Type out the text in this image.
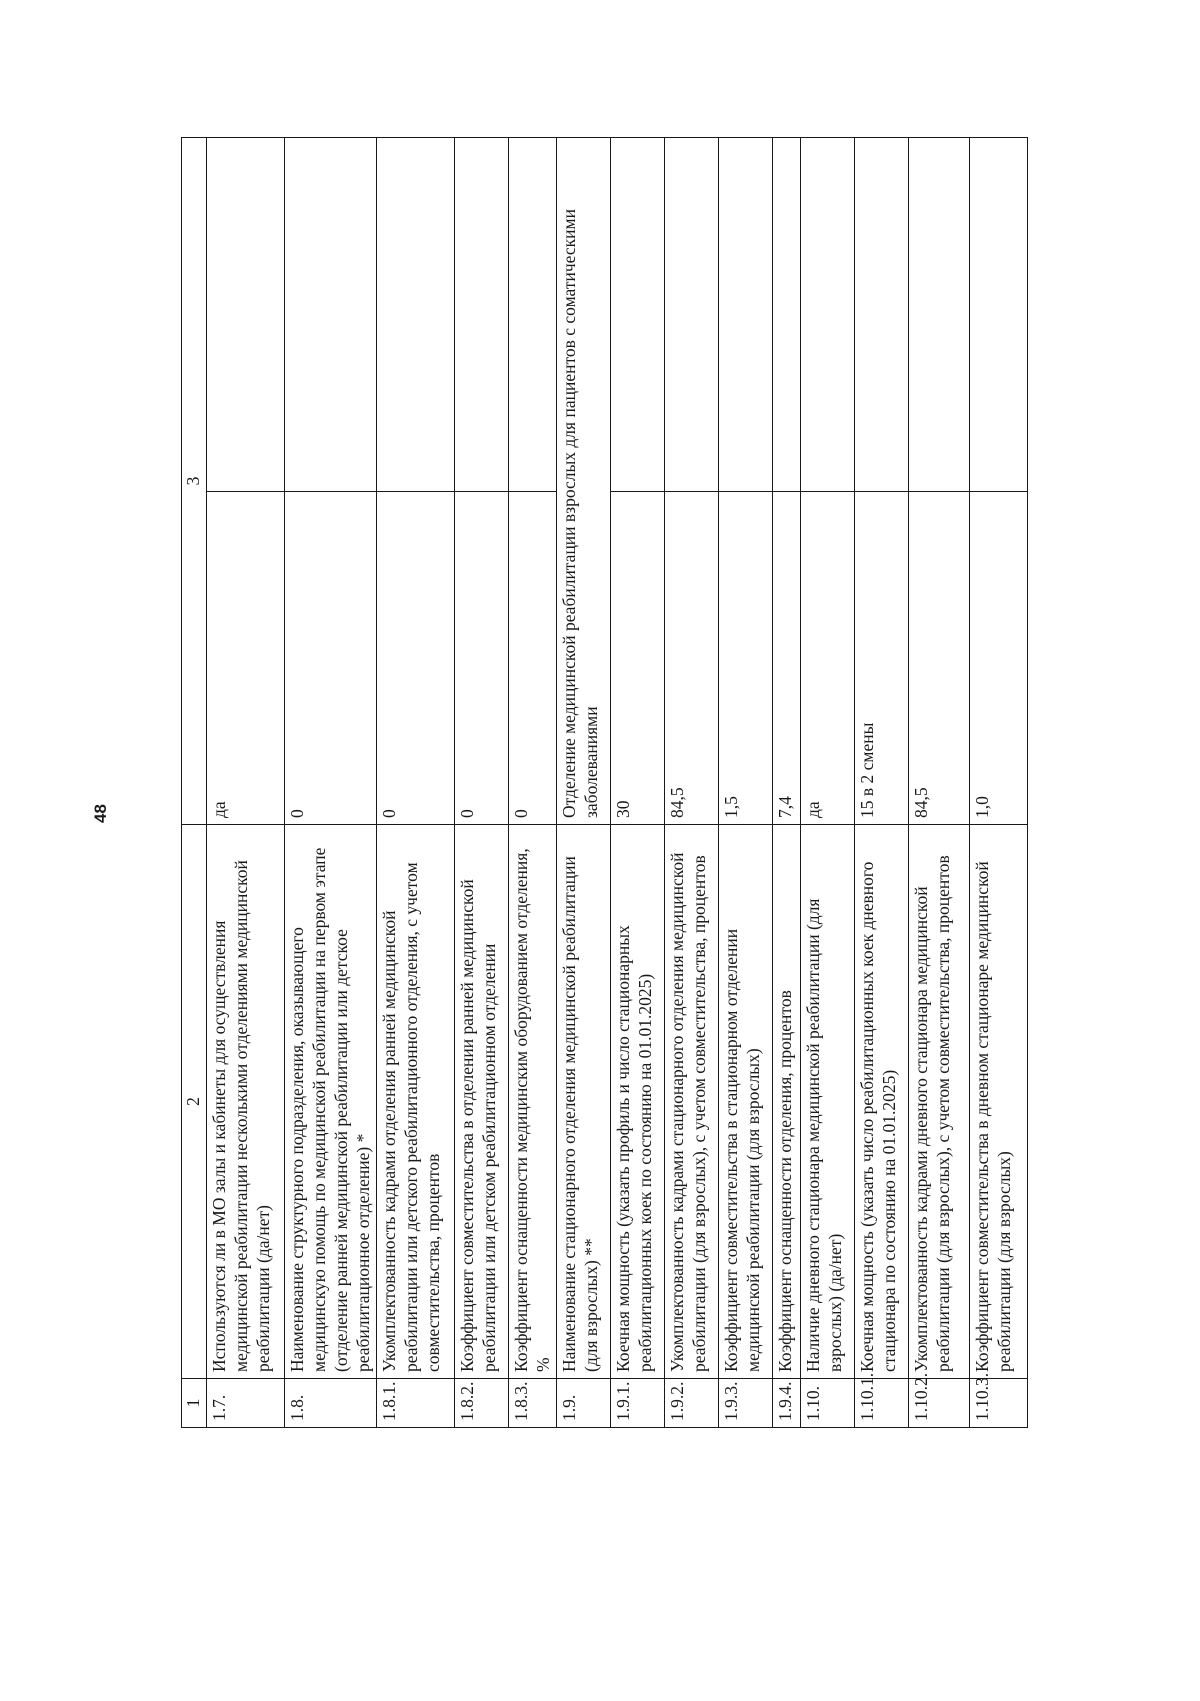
48
1	2	3	
1.7.	Используются ли в МО залы и кабинеты для осуществления медицинской реабилитации несколькими отделениями медицинской реабилитации (да/нет)	да	
1.8.	Наименование структурного подразделения, оказывающего медицинскую помощь по медицинской реабилитации на первом этапе (отделение ранней медицинской реабилитации или детское реабилитационное отделение) *	0	
1.8.1.	Укомплектованность кадрами отделения ранней медицинской реабилитации или детского реабилитационного отделения, с учетом совместительства, процентов	0	
1.8.2.	Коэффициент совместительства в отделении ранней медицинской реабилитации или детском реабилитационном отделении	0	
1.8.3.	Коэффициент оснащенности медицинским оборудованием отделения, %	0	
1.9.	Наименование стационарного отделения медицинской реабилитации (для взрослых) **	Отделение медицинской реабилитации взрослых для пациентов с соматическими заболеваниями	
1.9.1.	Коечная мощность (указать профиль и число стационарных реабилитационных коек по состоянию на 01.01.2025)	30	
1.9.2.	Укомплектованность кадрами стационарного отделения медицинской реабилитации (для взрослых), с учетом совместительства, процентов	84,5	
1.9.3.	Коэффициент совместительства в стационарном отделении медицинской реабилитации (для взрослых)	1,5	
1.9.4.	Коэффициент оснащенности отделения, процентов	7,4	
1.10.	Наличие дневного стационара медицинской реабилитации (для взрослых) (да/нет)	да	
1.10.1.	Коечная мощность (указать число реабилитационных коек дневного стационара по состоянию на 01.01.2025)	15 в 2 смены	
1.10.2.	Укомплектованность кадрами дневного стационара медицинской реабилитации (для взрослых), с учетом совместительства, процентов	84,5	
1.10.3.	Коэффициент совместительства в дневном стационаре медицинской реабилитации (для взрослых)	1,0	
